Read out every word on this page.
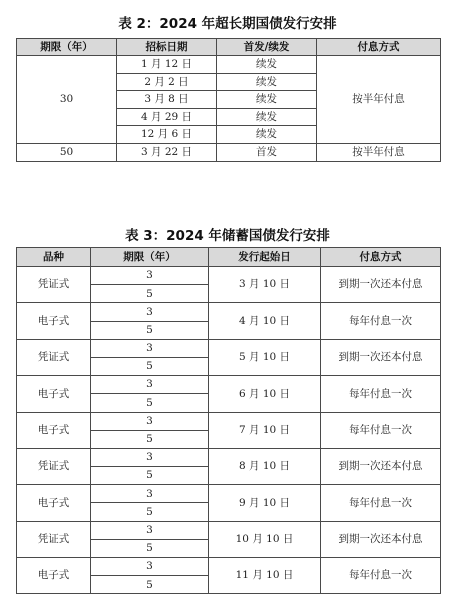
表 2：2024 年超长期国债发行安排
期限（年）	招标日期	首发/续发	付息方式
30	1 月 12 日	续发	按半年付息
	2 月 2 日	续发	
	3 月 8 日	续发	
	4 月 29 日	续发	
	12 月 6 日	续发	
50	3 月 22 日	首发	按半年付息
表 3：2024 年储蓄国债发行安排
品种	期限（年）	发行起始日	付息方式
凭证式	3	3 月 10 日	到期一次还本付息
	5		
电子式	3	4 月 10 日	每年付息一次
	5		
凭证式	3	5 月 10 日	到期一次还本付息
	5		
电子式	3	6 月 10 日	每年付息一次
	5		
电子式	3	7 月 10 日	每年付息一次
	5		
凭证式	3	8 月 10 日	到期一次还本付息
	5		
电子式	3	9 月 10 日	每年付息一次
	5		
凭证式	3	10 月 10 日	到期一次还本付息
	5		
电子式	3	11 月 10 日	每年付息一次
	5		
